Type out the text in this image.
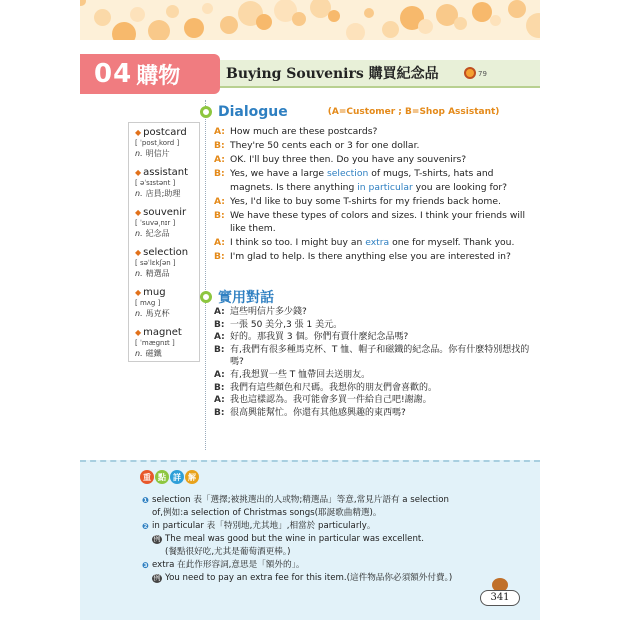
04 購物	Buying Souvenirs 購買紀念品	79
Dialogue	(A=Customer ; B=Shop Assistant)
◆ postcard
[ ˈpost͵kord ]
n. 明信片
◆ assistant
[ əˈsɪstənt ]
n. 店員;助理
◆ souvenir
[ ˈsuvə͵nɪr ]
n. 紀念品
◆ selection
[ səˈlɛkʃən ]
n. 精選品
◆ mug
[ mʌg ]
n. 馬克杯
◆ magnet
[ ˈmægnɪt ]
n. 磁鐵
A: How much are these postcards?
B: They're 50 cents each or 3 for one dollar.
A: OK. I'll buy three then. Do you have any souvenirs?
B: Yes, we have a large selection of mugs, T-shirts, hats and magnets. Is there anything in particular you are looking for?
A: Yes, I'd like to buy some T-shirts for my friends back home.
B: We have these types of colors and sizes. I think your friends will like them.
A: I think so too. I might buy an extra one for myself. Thank you.
B: I'm glad to help. Is there anything else you are interested in?
實用對話
A: 這些明信片多少錢?
B: 一張 50 美分,3 張 1 美元。
A: 好的。那我買 3 個。你們有賣什麼紀念品嗎?
B: 有,我們有很多種馬克杯、T 恤、帽子和磁鐵的紀念品。你有什麼特別想找的嗎?
A: 有,我想買一些 T 恤帶回去送朋友。
B: 我們有這些顏色和尺碼。我想你的朋友們會喜歡的。
A: 我也這樣認為。我可能會多買一件給自己吧!謝謝。
B: 很高興能幫忙。你還有其他感興趣的東西嗎?
重 點 詳 解
❶ selection 表「選擇;被挑選出的人或物;精選品」等意,常見片語有 a selection
of,例如:a selection of Christmas songs(耶誕歌曲精選)。
❷ in particular 表「特別地,尤其地」,相當於 particularly。
例 The meal was good but the wine in particular was excellent.
(餐點很好吃,尤其是葡萄酒更棒。)
❸ extra 在此作形容詞,意思是「額外的」。
例 You need to pay an extra fee for this item.(這件物品你必須額外付費。)
341
